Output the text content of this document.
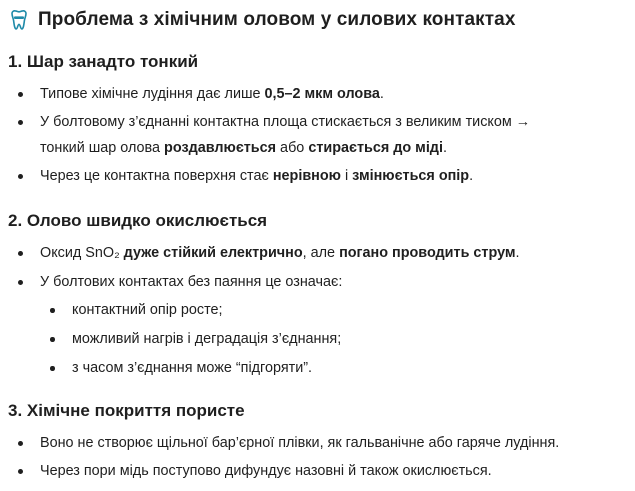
Проблема з хімічним оловом у силових контактах
1. Шар занадто тонкий
Типове хімічне лудіння дає лише 0,5–2 мкм олова.
У болтовому з’єднанні контактна площа стискається з великим тиском →
тонкий шар олова роздавлюється або стирається до міді.
Через це контактна поверхня стає нерівною і змінюється опір.
2. Олово швидко окислюється
Оксид SnO₂ дуже стійкий електрично, але погано проводить струм.
У болтових контактах без паяння це означає:
контактний опір росте;
можливий нагрів і деградація з’єднання;
з часом з’єднання може “підгоряти”.
3. Хімічне покриття пористе
Воно не створює щільної бар’єрної плівки, як гальванічне або гаряче лудіння.
Через пори мідь поступово дифундує назовні й також окислюється.
